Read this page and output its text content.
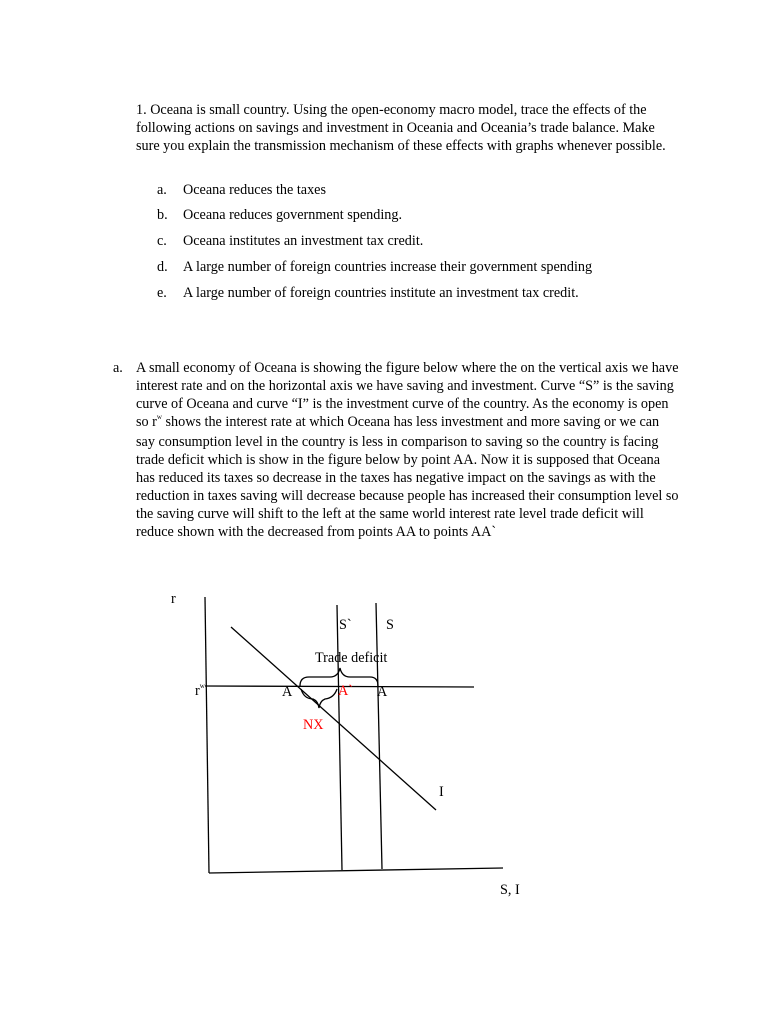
1. Oceana is small country. Using the open-economy macro model, trace the effects of the following actions on savings and investment in Oceania and Oceania’s trade balance. Make sure you explain the transmission mechanism of these effects with graphs whenever possible.

a. Oceana reduces the taxes
b. Oceana reduces government spending.
c. Oceana institutes an investment tax credit.
d. A large number of foreign countries increase their government spending
e. A large number of foreign countries institute an investment tax credit.
a. A small economy of Oceana is showing the figure below where the on the vertical axis we have interest rate and on the horizontal axis we have saving and investment. Curve “S” is the saving curve of Oceana and curve “I” is the investment curve of the country. As the economy is open so $r^w$ shows the interest rate at which Oceana has less investment and more saving or we can say consumption level in the country is less in comparison to saving so the country is facing trade deficit which is show in the figure below by point AA. Now it is supposed that Oceana has reduced its taxes so decrease in the taxes has negative impact on the savings as with the reduction in taxes saving will decrease because people has increased their consumption level so the saving curve will shift to the left at the same world interest rate level trade deficit will reduce shown with the decreased from points AA to points AA`
r
S, I
$r^w$
S` S
Trade deficit
A	A` A
NX
I
